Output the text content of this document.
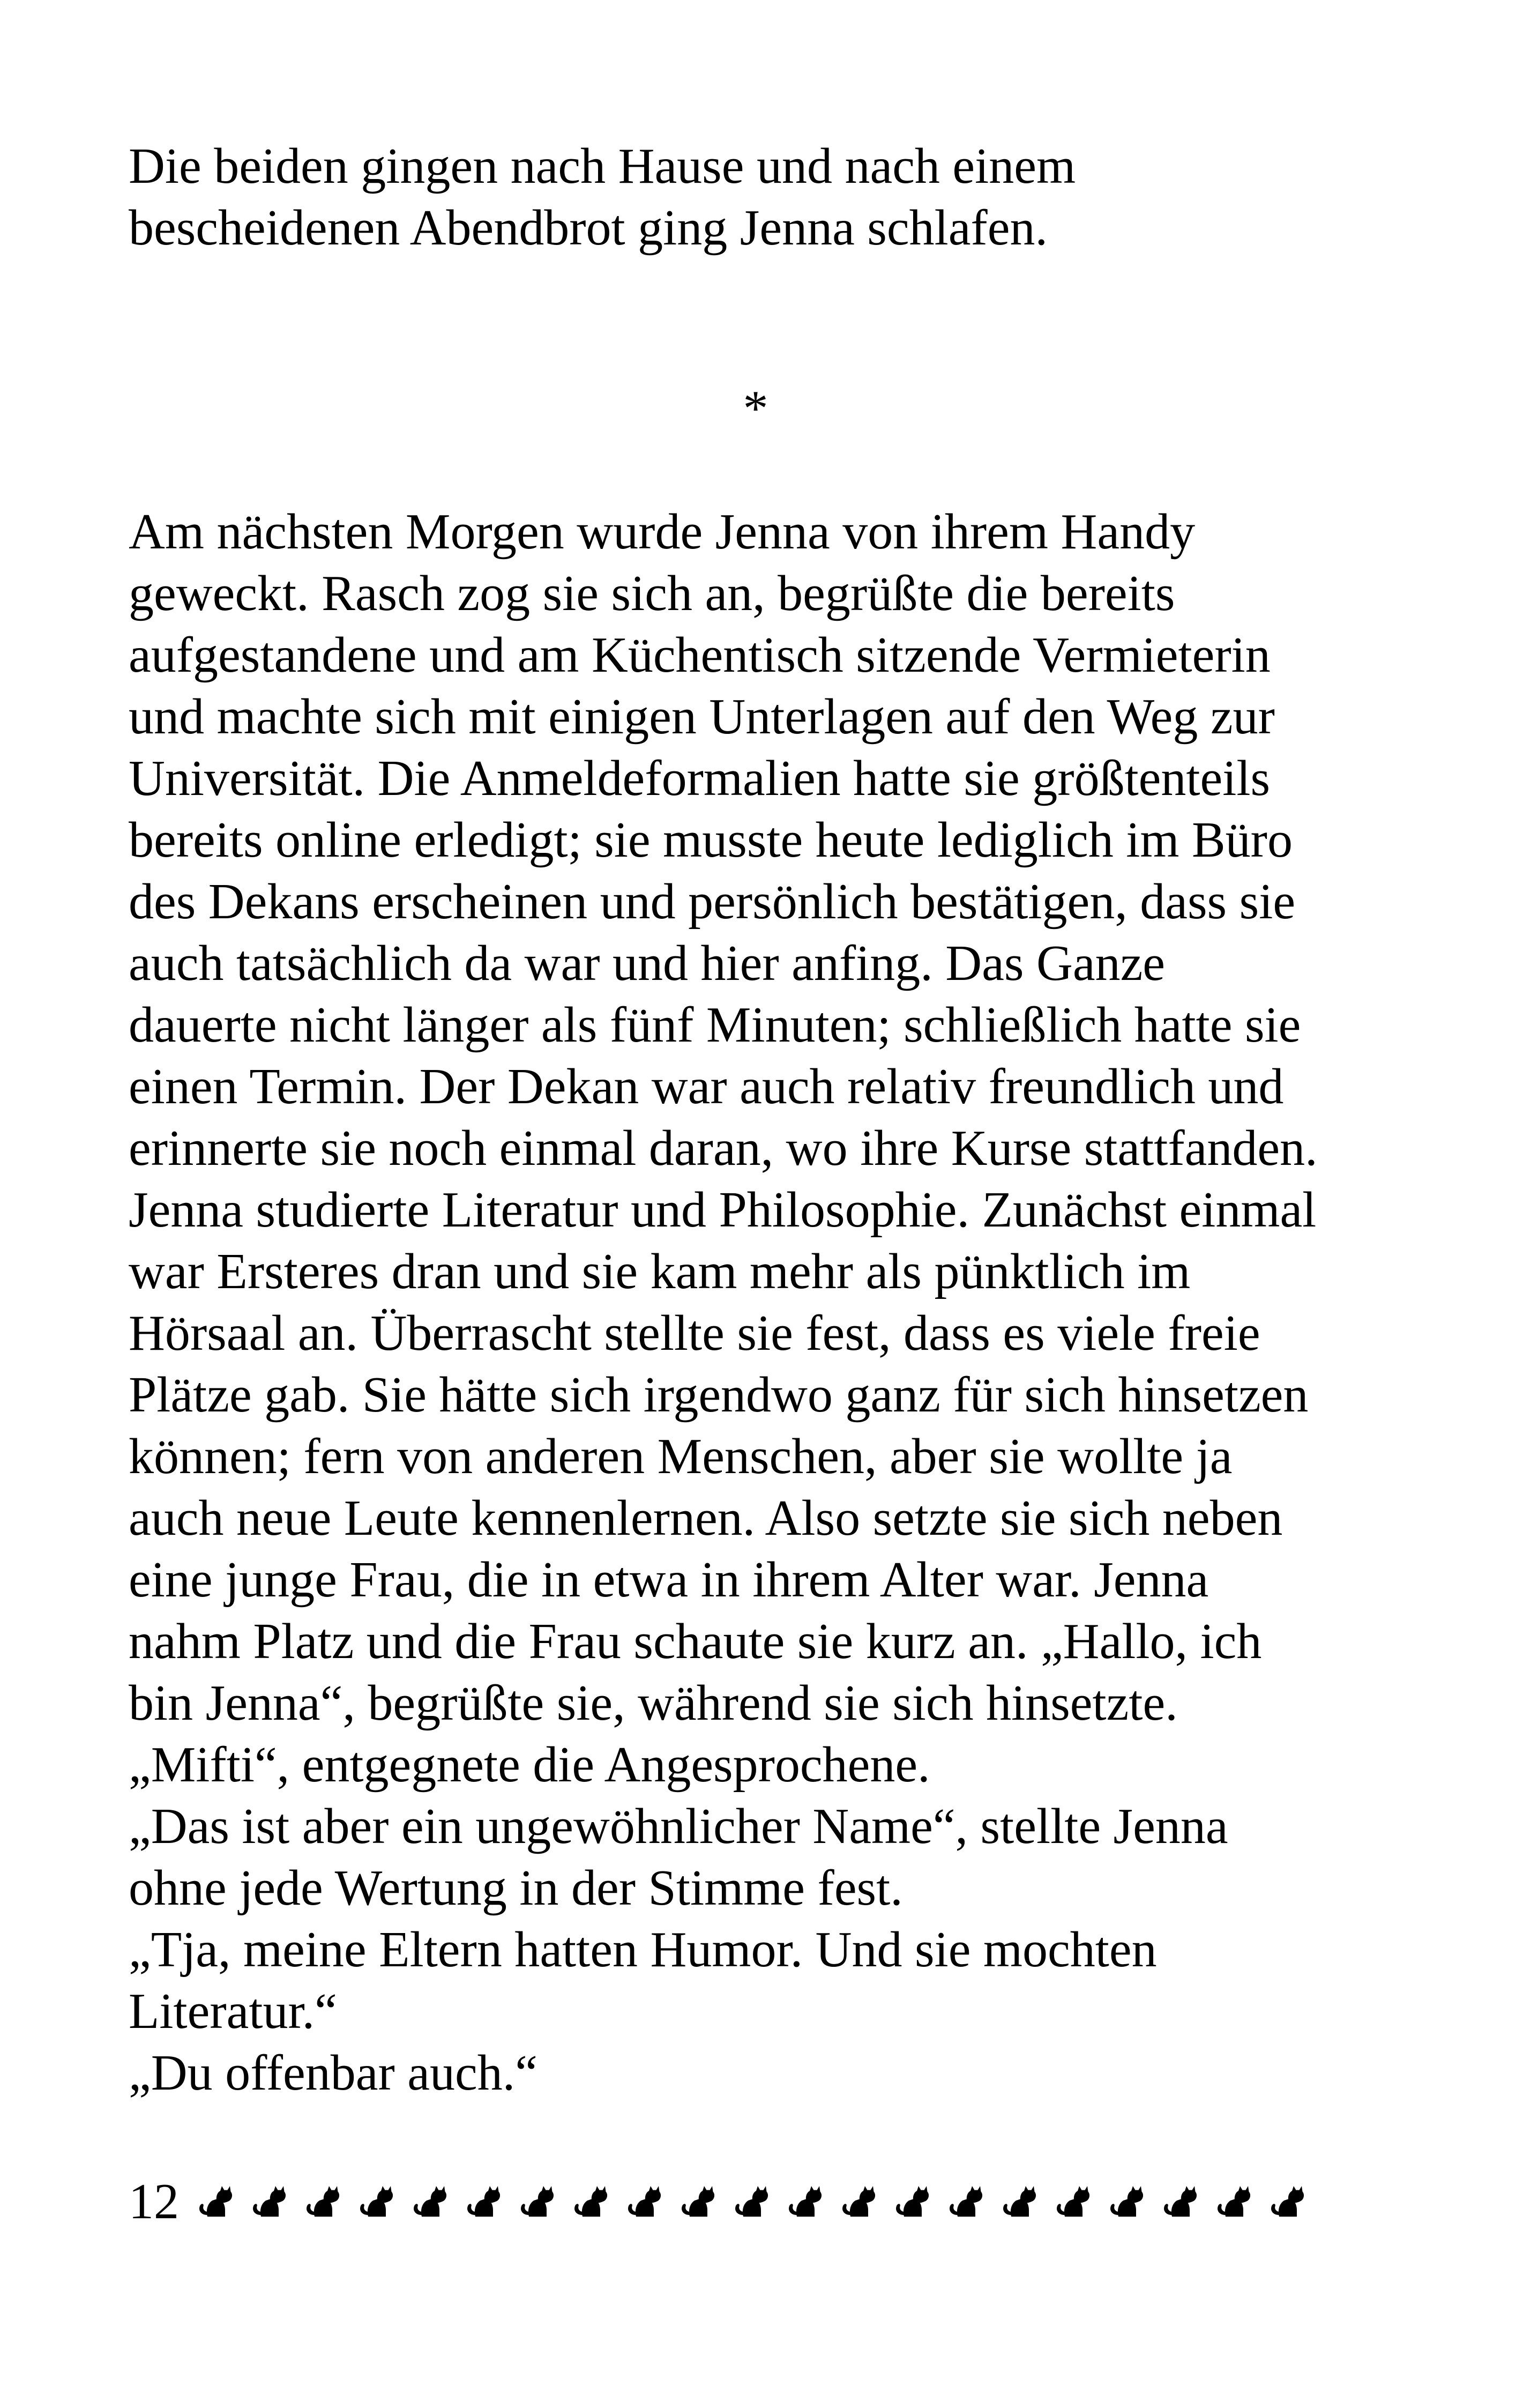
Die beiden gingen nach Hause und nach einem
bescheidenen Abendbrot ging Jenna schlafen.
*
Am nächsten Morgen wurde Jenna von ihrem Handy
geweckt. Rasch zog sie sich an, begrüßte die bereits
aufgestandene und am Küchentisch sitzende Vermieterin
und machte sich mit einigen Unterlagen auf den Weg zur
Universität. Die Anmeldeformalien hatte sie größtenteils
bereits online erledigt; sie musste heute lediglich im Büro
des Dekans erscheinen und persönlich bestätigen, dass sie
auch tatsächlich da war und hier anfing. Das Ganze
dauerte nicht länger als fünf Minuten; schließlich hatte sie
einen Termin. Der Dekan war auch relativ freundlich und
erinnerte sie noch einmal daran, wo ihre Kurse stattfanden.
Jenna studierte Literatur und Philosophie. Zunächst einmal
war Ersteres dran und sie kam mehr als pünktlich im
Hörsaal an. Überrascht stellte sie fest, dass es viele freie
Plätze gab. Sie hätte sich irgendwo ganz für sich hinsetzen
können; fern von anderen Menschen, aber sie wollte ja
auch neue Leute kennenlernen. Also setzte sie sich neben
eine junge Frau, die in etwa in ihrem Alter war. Jenna
nahm Platz und die Frau schaute sie kurz an. „Hallo, ich
bin Jenna“, begrüßte sie, während sie sich hinsetzte.
„Mifti“, entgegnete die Angesprochene.
„Das ist aber ein ungewöhnlicher Name“, stellte Jenna
ohne jede Wertung in der Stimme fest.
„Tja, meine Eltern hatten Humor. Und sie mochten
Literatur.“
„Du offenbar auch.“
12
